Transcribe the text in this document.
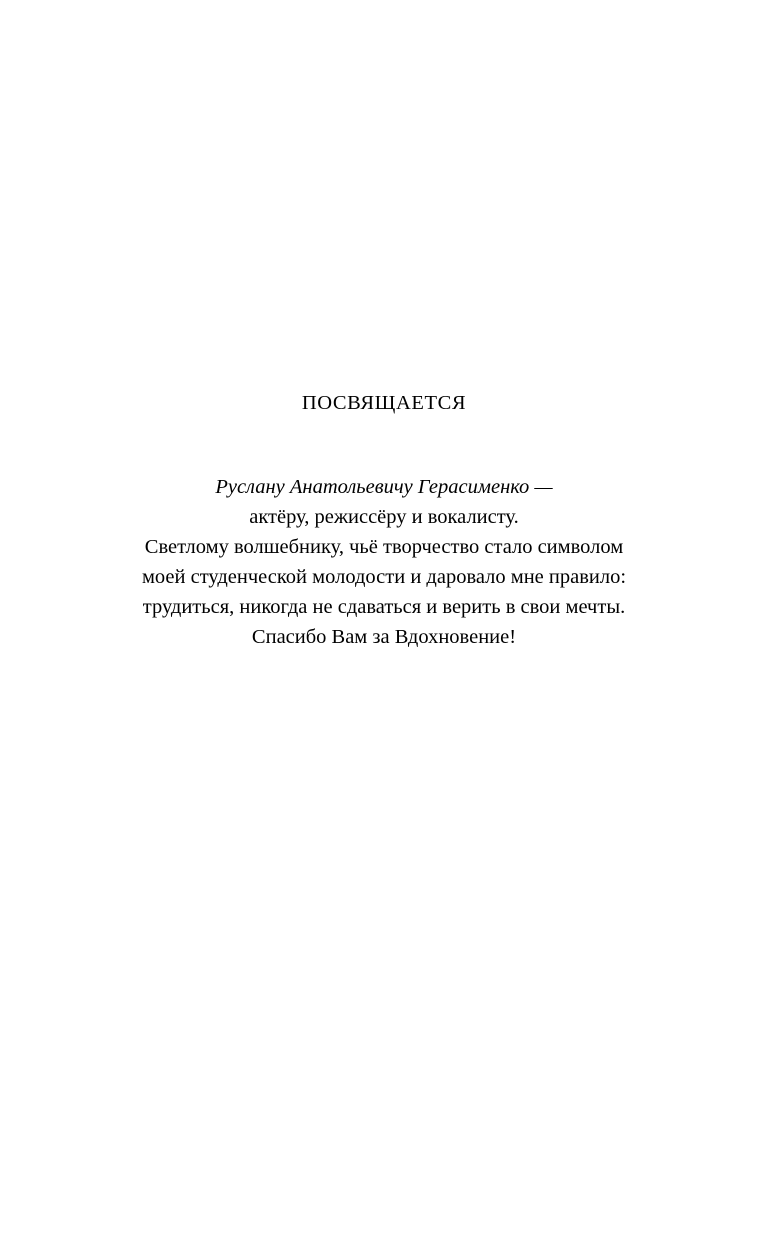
ПОСВЯЩАЕТСЯ
Руслану Анатольевичу Герасименко —
актёру, режиссёру и вокалисту.
Светлому волшебнику, чьё творчество стало символом
моей студенческой молодости и даровало мне правило:
трудиться, никогда не сдаваться и верить в свои мечты.
Спасибо Вам за Вдохновение!
